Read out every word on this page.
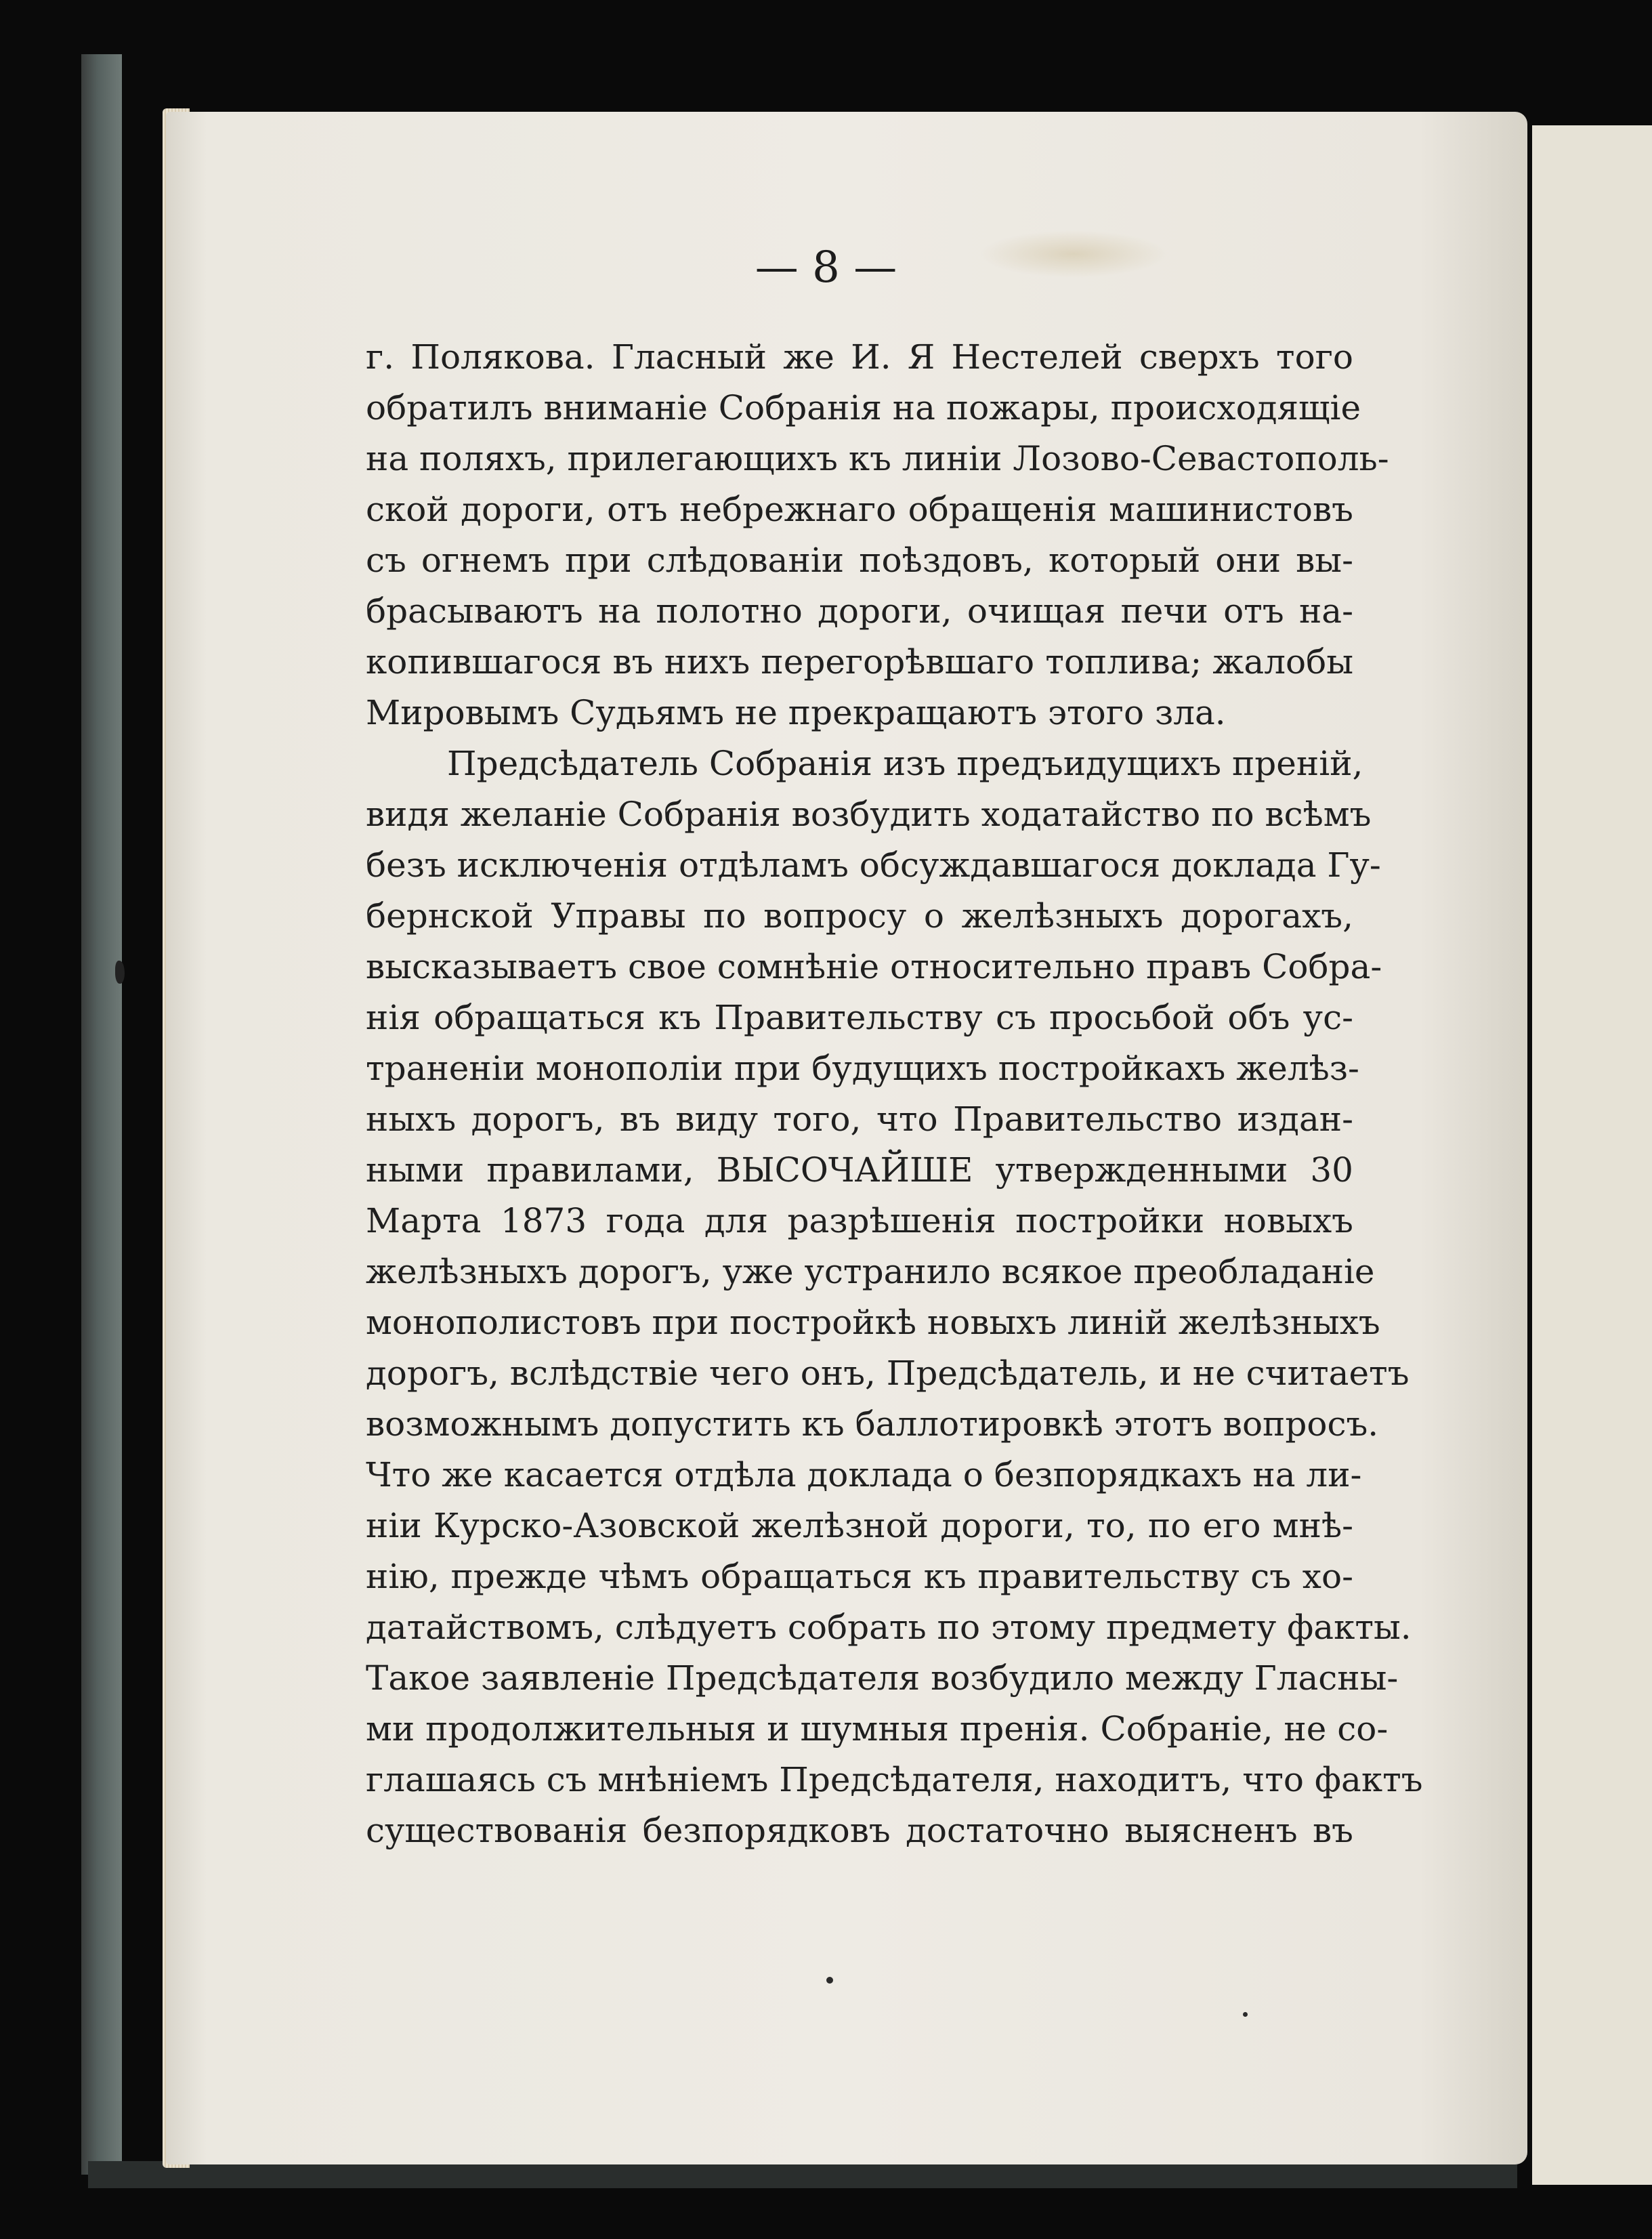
— 8 —
г. Полякова. Гласный же И. Я Нестелей сверхъ того
обратилъ вниманіе Собранія на пожары, происходящіе
на поляхъ, прилегающихъ къ линіи Лозово-Севастополь-
ской дороги, отъ небрежнаго обращенія машинистовъ
съ огнемъ при слѣдованіи поѣздовъ, который они вы-
брасываютъ на полотно дороги, очищая печи отъ на-
копившагося въ нихъ перегорѣвшаго топлива; жалобы
Мировымъ Судьямъ не прекращаютъ этого зла.
Предсѣдатель Собранія изъ предъидущихъ преній,
видя желаніе Собранія возбудить ходатайство по всѣмъ
безъ исключенія отдѣламъ обсуждавшагося доклада Гу-
бернской Управы по вопросу о желѣзныхъ дорогахъ,
высказываетъ свое сомнѣніе относительно правъ Собра-
нія обращаться къ Правительству съ просьбой объ ус-
траненіи монополіи при будущихъ постройкахъ желѣз-
ныхъ дорогъ, въ виду того, что Правительство издан-
ными правилами, ВЫСОЧАЙШЕ утвержденными 30
Марта 1873 года для разрѣшенія постройки новыхъ
желѣзныхъ дорогъ, уже устранило всякое преобладаніе
монополистовъ при постройкѣ новыхъ линій желѣзныхъ
дорогъ, вслѣдствіе чего онъ, Предсѣдатель, и не считаетъ
возможнымъ допустить къ баллотировкѣ этотъ вопросъ.
Что же касается отдѣла доклада о безпорядкахъ на ли-
ніи Курско-Азовской желѣзной дороги, то, по его мнѣ-
нію, прежде чѣмъ обращаться къ правительству съ хо-
датайствомъ, слѣдуетъ собрать по этому предмету факты.
Такое заявленіе Предсѣдателя возбудило между Гласны-
ми продолжительныя и шумныя пренія. Собраніе, не со-
глашаясь съ мнѣніемъ Предсѣдателя, находитъ, что фактъ
существованія безпорядковъ достаточно выясненъ въ
